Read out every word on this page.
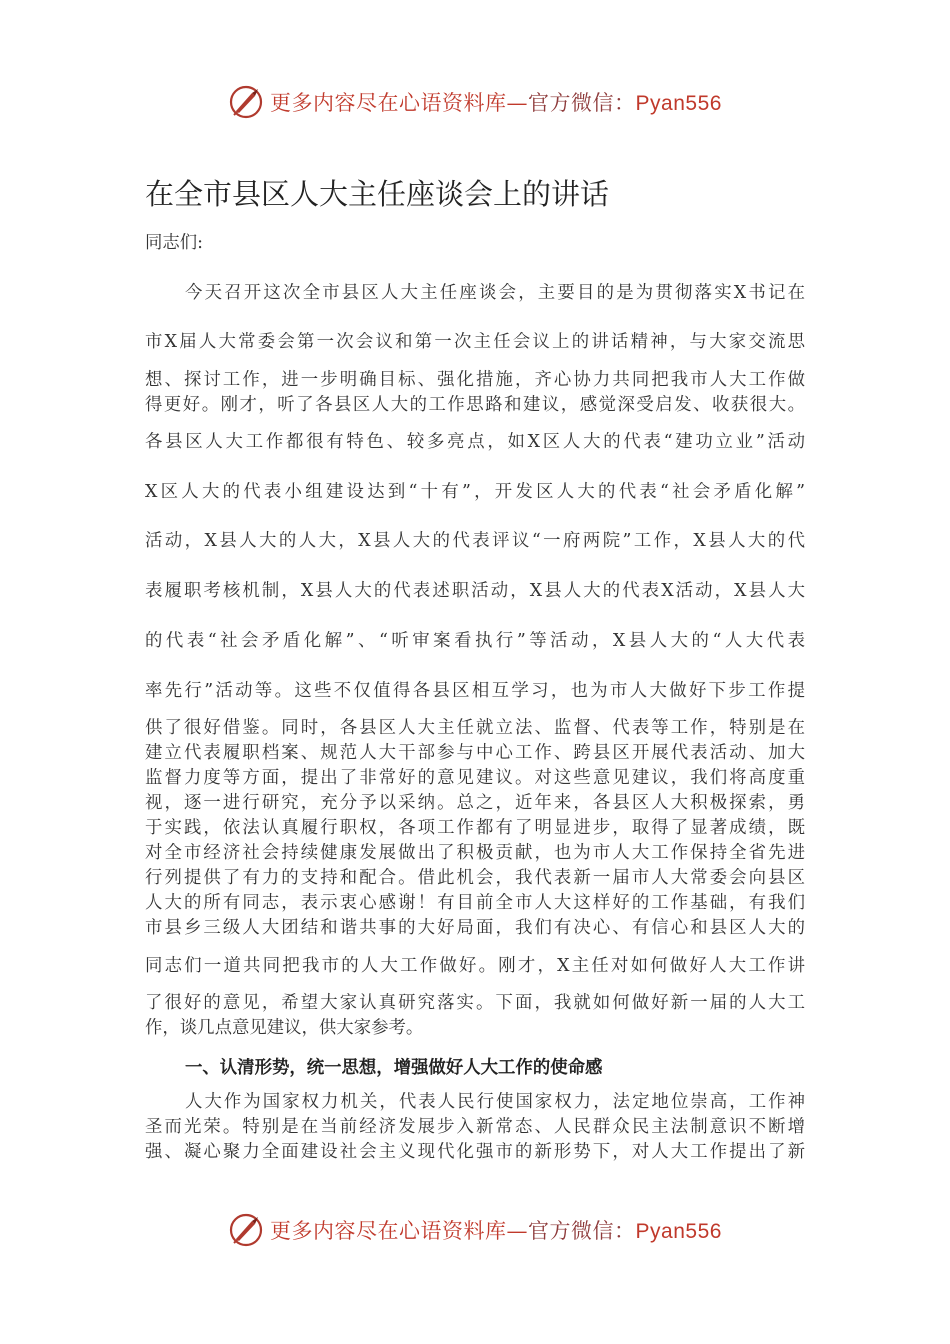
更多内容尽在心语资料库—官方微信：Pyan556
在全市县区人大主任座谈会上的讲话
同志们:
今天召开这次全市县区人大主任座谈会，主要目的是为贯彻落实X书记在
市X届人大常委会第一次会议和第一次主任会议上的讲话精神，与大家交流思
想、探讨工作，进一步明确目标、强化措施，齐心协力共同把我市人大工作做
得更好。刚才，听了各县区人大的工作思路和建议，感觉深受启发、收获很大。
各县区人大工作都很有特色、较多亮点，如X区人大的代表“建功立业”活动
X区人大的代表小组建设达到“十有”，开发区人大的代表“社会矛盾化解”
活动，X县人大的人大，X县人大的代表评议“一府两院”工作，X县人大的代
表履职考核机制，X县人大的代表述职活动，X县人大的代表X活动，X县人大
的代表“社会矛盾化解”、“听审案看执行”等活动，X县人大的“人大代表
率先行”活动等。这些不仅值得各县区相互学习，也为市人大做好下步工作提
供了很好借鉴。同时，各县区人大主任就立法、监督、代表等工作，特别是在
建立代表履职档案、规范人大干部参与中心工作、跨县区开展代表活动、加大
监督力度等方面，提出了非常好的意见建议。对这些意见建议，我们将高度重
视，逐一进行研究，充分予以采纳。总之，近年来，各县区人大积极探索，勇
于实践，依法认真履行职权，各项工作都有了明显进步，取得了显著成绩，既
对全市经济社会持续健康发展做出了积极贡献，也为市人大工作保持全省先进
行列提供了有力的支持和配合。借此机会，我代表新一届市人大常委会向县区
人大的所有同志，表示衷心感谢！有目前全市人大这样好的工作基础，有我们
市县乡三级人大团结和谐共事的大好局面，我们有决心、有信心和县区人大的
同志们一道共同把我市的人大工作做好。刚才，X主任对如何做好人大工作讲
了很好的意见，希望大家认真研究落实。下面，我就如何做好新一届的人大工
作，谈几点意见建议，供大家参考。
一、认清形势，统一思想，增强做好人大工作的使命感
人大作为国家权力机关，代表人民行使国家权力，法定地位崇高，工作神
圣而光荣。特别是在当前经济发展步入新常态、人民群众民主法制意识不断增
强、凝心聚力全面建设社会主义现代化强市的新形势下，对人大工作提出了新
更多内容尽在心语资料库—官方微信：Pyan556
